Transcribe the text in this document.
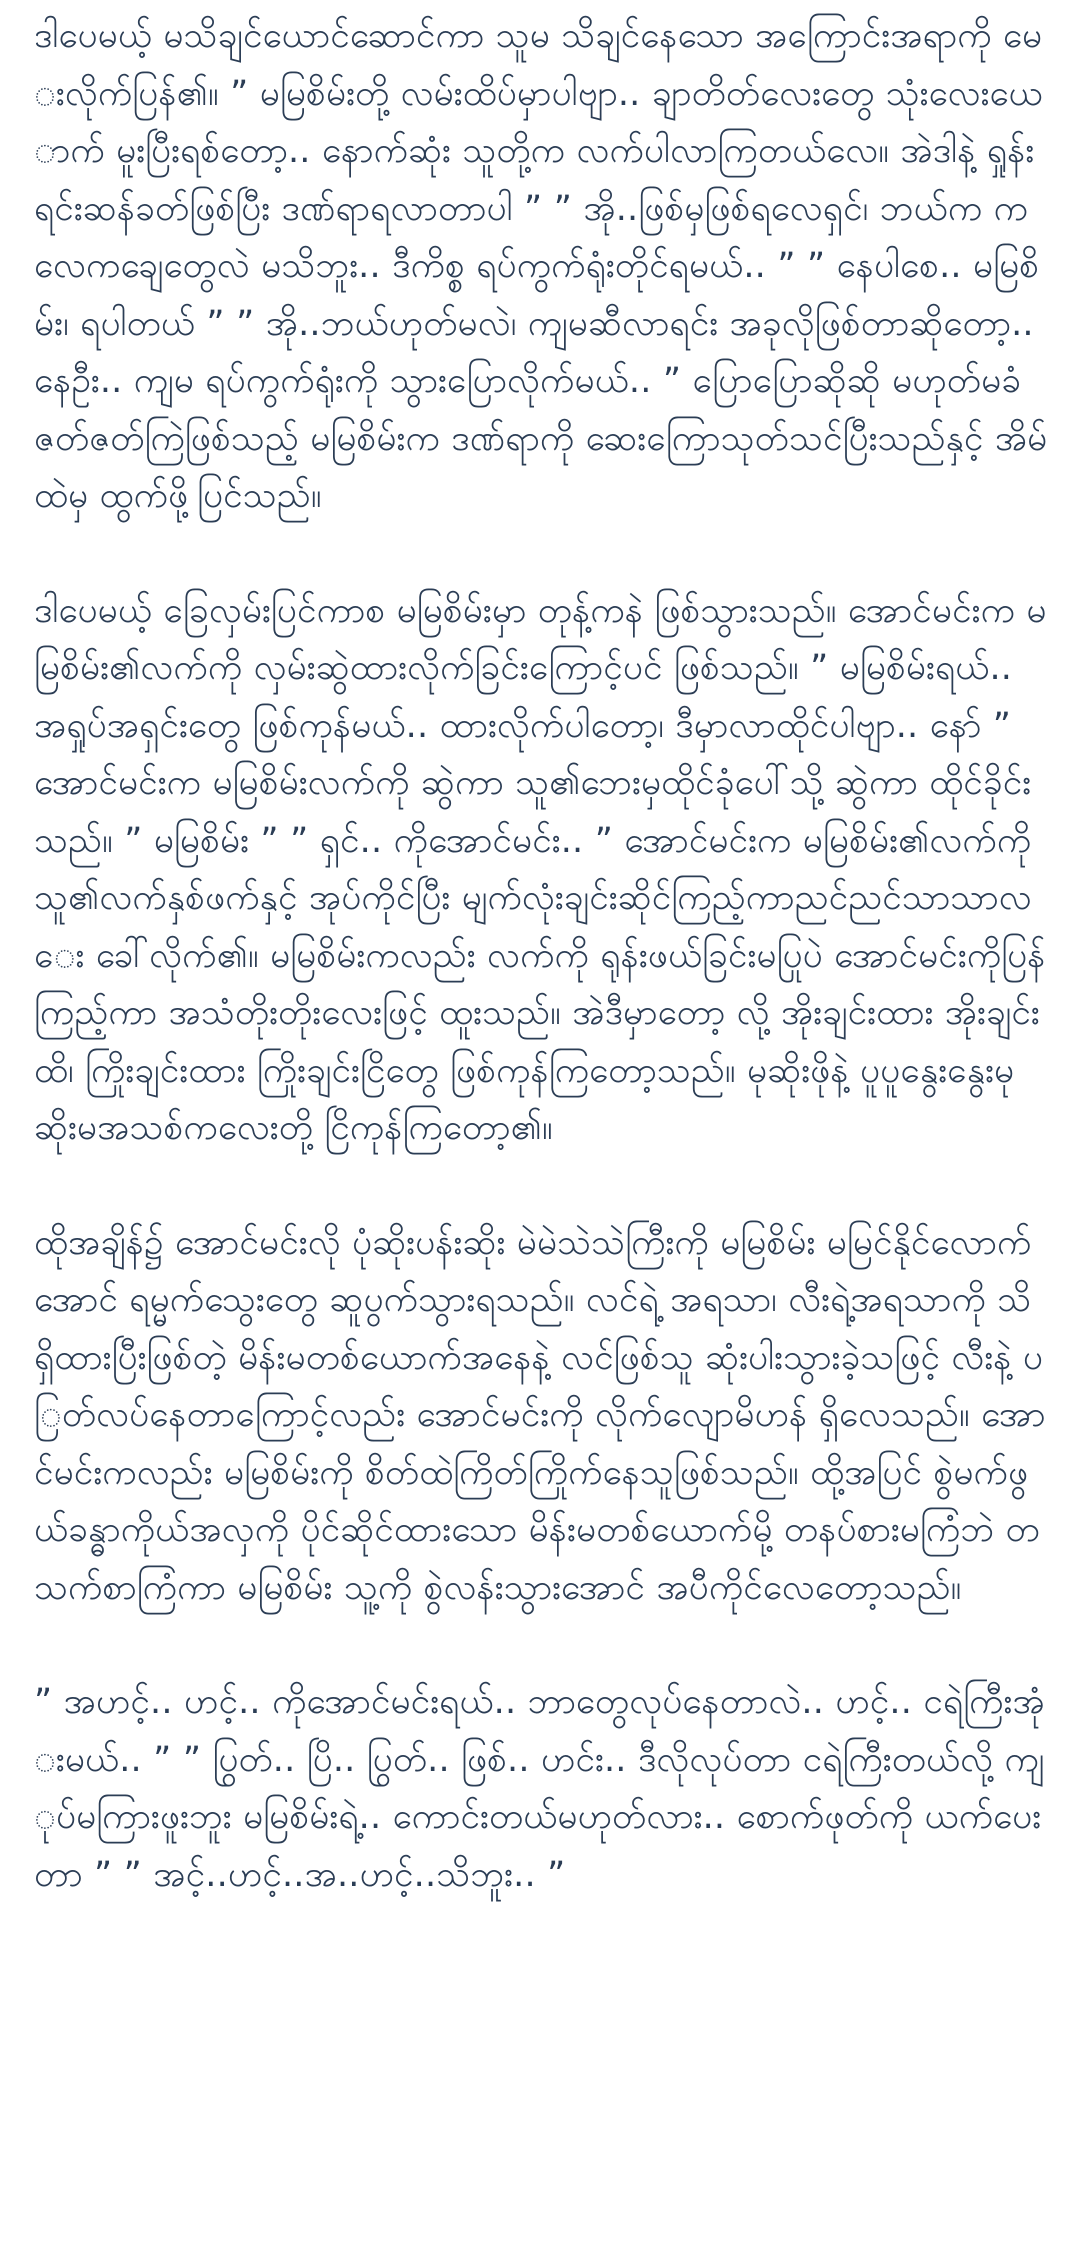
ဒါပေမယ့် မသိချင်ယောင်ဆောင်ကာ သူမ သိချင်နေသော အကြောင်းအရာကို မေးလိုက်ပြန်၏။ ” မမြစိမ်းတို့ လမ်းထိပ်မှာပါဗျာ.. ချာတိတ်လေးတွေ သုံးလေးယောက် မူးပြီးရစ်တော့.. နောက်ဆုံး သူတို့က လက်ပါလာကြတယ်လေ။ အဲဒါနဲ့ ရှုန်းရင်းဆန်ခတ်ဖြစ်ပြီး ဒဏ်ရာရလာတာပါ ” ” အို..ဖြစ်မှဖြစ်ရလေရှင်၊ ဘယ်က ကလေကချေတွေလဲ မသိဘူး.. ဒီကိစ္စ ရပ်ကွက်ရုံးတိုင်ရမယ်.. ” ” နေပါစေ.. မမြစိမ်း၊ ရပါတယ် ” ” အို..ဘယ်ဟုတ်မလဲ၊ ကျမဆီလာရင်း အခုလိုဖြစ်တာဆိုတော့.. နေဦး.. ကျမ ရပ်ကွက်ရုံးကို သွားပြောလိုက်မယ်.. ” ပြောပြောဆိုဆို မဟုတ်မခံ ဇတ်ဇတ်ကြဲဖြစ်သည့် မမြစိမ်းက ဒဏ်ရာကို ဆေးကြောသုတ်သင်ပြီးသည်နှင့် အိမ်ထဲမှ ထွက်ဖို့ပြင်သည်။

ဒါပေမယ့် ခြေလှမ်းပြင်ကာစ မမြစိမ်းမှာ တုန့်ကနဲ ဖြစ်သွားသည်။ အောင်မင်းက မမြစိမ်း၏လက်ကို လှမ်းဆွဲထားလိုက်ခြင်းကြောင့်ပင် ဖြစ်သည်။ ” မမြစိမ်းရယ်.. အရှုပ်အရှင်းတွေ ဖြစ်ကုန်မယ်.. ထားလိုက်ပါတော့၊ ဒီမှာလာထိုင်ပါဗျာ.. နော် ” အောင်မင်းက မမြစိမ်းလက်ကို ဆွဲကာ သူ၏ဘေးမှထိုင်ခုံပေါ်သို့ ဆွဲကာ ထိုင်ခိုင်းသည်။ ” မမြစိမ်း ” ” ရှင်.. ကိုအောင်မင်း.. ” အောင်မင်းက မမြစိမ်း၏လက်ကို သူ၏လက်နှစ်ဖက်နှင့် အုပ်ကိုင်ပြီး မျက်လုံးချင်းဆိုင်ကြည့်ကာညင်ညင်သာသာလေး ခေါ်လိုက်၏။ မမြစိမ်းကလည်း လက်ကို ရုန်းဖယ်ခြင်းမပြုပဲ အောင်မင်းကိုပြန်ကြည့်ကာ အသံတိုးတိုးလေးဖြင့် ထူးသည်။ အဲဒီမှာတော့ လို့ အိုးချင်းထား အိုးချင်းထိ၊ ကြိုးချင်းထား ကြိုးချင်းငြိတွေ ဖြစ်ကုန်ကြတော့သည်။ မုဆိုးဖိုနဲ့ ပူပူနွေးနွေးမုဆိုးမအသစ်ကလေးတို့ ငြိကုန်ကြတော့၏။

ထိုအချိန်၌ အောင်မင်းလို ပုံဆိုးပန်းဆိုး မဲမဲသဲသဲကြီးကို မမြစိမ်း မမြင်နိုင်လောက်အောင် ရမ္မက်သွေးတွေ ဆူပွက်သွားရသည်။ လင်ရဲ့ အရသာ၊ လီးရဲ့အရသာကို သိရှိထားပြီးဖြစ်တဲ့ မိန်းမတစ်ယောက်အနေနဲ့ လင်ဖြစ်သူ ဆုံးပါးသွားခဲ့သဖြင့် လီးနဲ့ ပြတ်လပ်နေတာကြောင့်လည်း အောင်မင်းကို လိုက်လျောမိဟန် ရှိလေသည်။ အောင်မင်းကလည်း မမြစိမ်းကို စိတ်ထဲကြိတ်ကြိုက်နေသူဖြစ်သည်။ ထို့အပြင် စွဲမက်ဖွယ်ခန္ဓာကိုယ်အလှကို ပိုင်ဆိုင်ထားသော မိန်းမတစ်ယောက်မို့ တနပ်စားမကြံဘဲ တသက်စာကြံကာ မမြစိမ်း သူ့ကို စွဲလန်းသွားအောင် အပီကိုင်လေတော့သည်။

” အဟင့်.. ဟင့်.. ကိုအောင်မင်းရယ်.. ဘာတွေလုပ်နေတာလဲ.. ဟင့်.. ငရဲကြီးအုံးမယ်.. ” ” ပြွတ်.. ပြိ.. ပြွတ်.. ဖြစ်.. ဟင်း.. ဒီလိုလုပ်တာ ငရဲကြီးတယ်လို့ ကျုပ်မကြားဖူးဘူး မမြစိမ်းရဲ့.. ကောင်းတယ်မဟုတ်လား.. စောက်ဖုတ်ကို ယက်ပေးတာ ” ” အင့်..ဟင့်..အ..ဟင့်..သိဘူး.. ”
